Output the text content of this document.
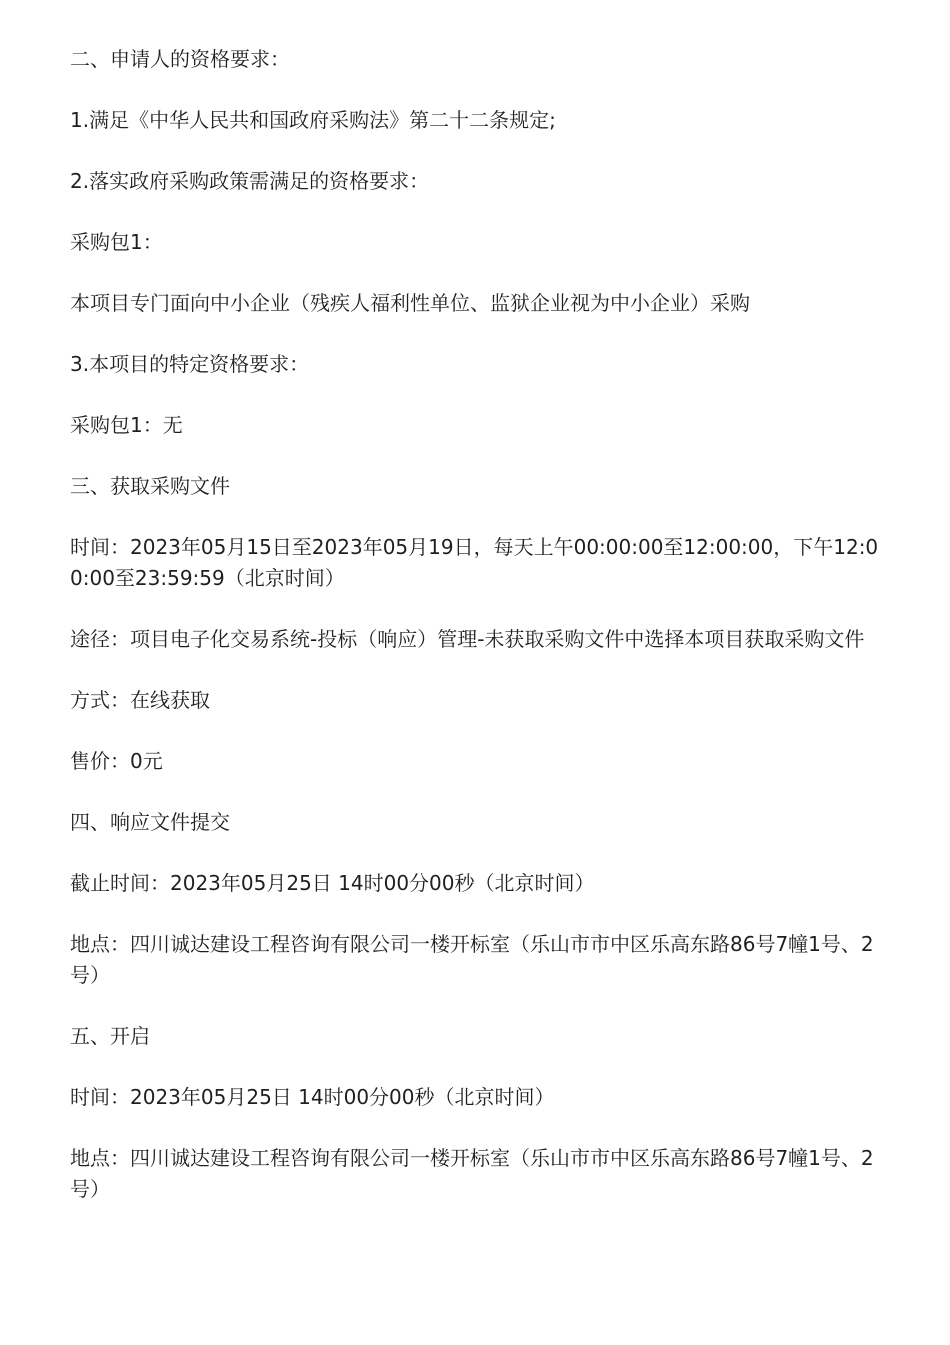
二、申请人的资格要求：

1.满足《中华人民共和国政府采购法》第二十二条规定;

2.落实政府采购政策需满足的资格要求：

采购包1：

本项目专门面向中小企业（残疾人福利性单位、监狱企业视为中小企业）采购

3.本项目的特定资格要求：

采购包1：无

三、获取采购文件

时间：2023年05月15日至2023年05月19日，每天上午00:00:00至12:00:00，下午12:00:00至23:59:59（北京时间）

途径：项目电子化交易系统-投标（响应）管理-未获取采购文件中选择本项目获取采购文件

方式：在线获取

售价：0元

四、响应文件提交

截止时间：2023年05月25日 14时00分00秒（北京时间）

地点：四川诚达建设工程咨询有限公司一楼开标室（乐山市市中区乐高东路86号7幢1号、2号）

五、开启

时间：2023年05月25日 14时00分00秒（北京时间）

地点：四川诚达建设工程咨询有限公司一楼开标室（乐山市市中区乐高东路86号7幢1号、2号）
